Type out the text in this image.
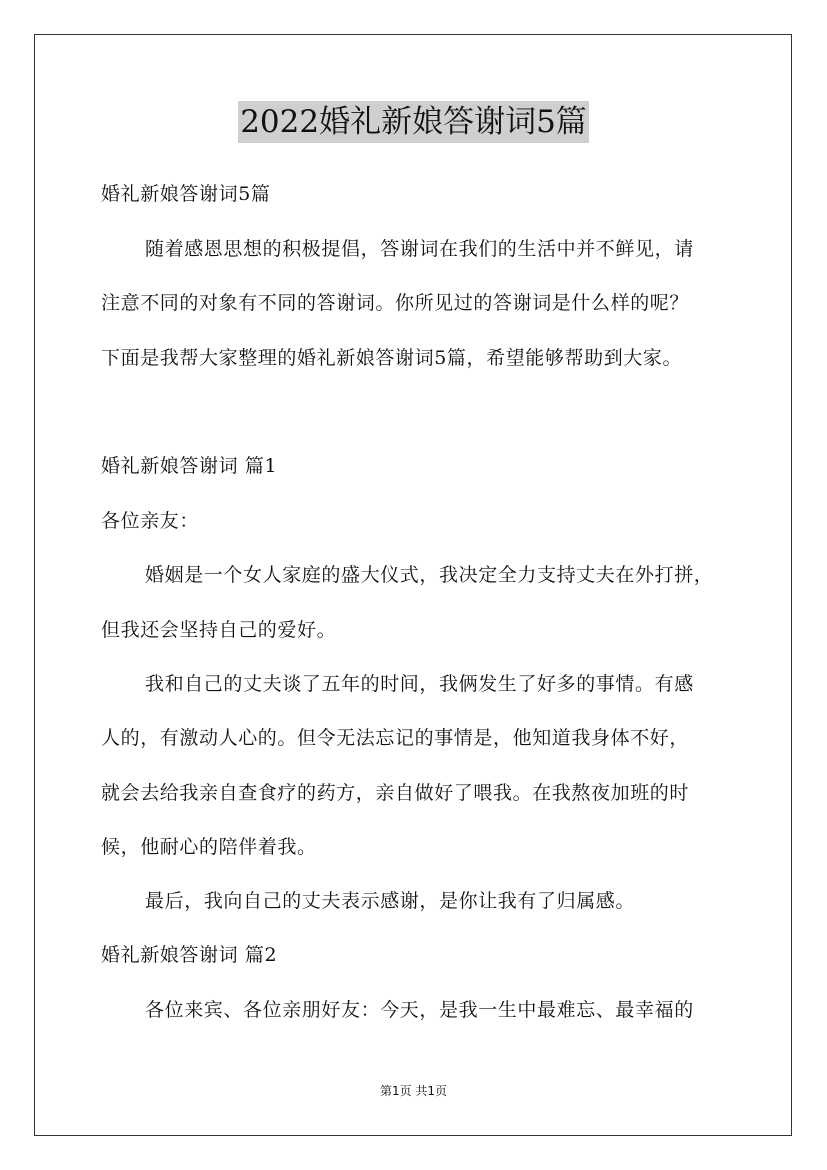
2022婚礼新娘答谢词5篇
婚礼新娘答谢词5篇
随着感恩思想的积极提倡，答谢词在我们的生活中并不鲜见，请
注意不同的对象有不同的答谢词。你所见过的答谢词是什么样的呢？
下面是我帮大家整理的婚礼新娘答谢词5篇，希望能够帮助到大家。
婚礼新娘答谢词 篇1
各位亲友：
婚姻是一个女人家庭的盛大仪式，我决定全力支持丈夫在外打拼，
但我还会坚持自己的爱好。
我和自己的丈夫谈了五年的时间，我俩发生了好多的事情。有感
人的，有激动人心的。但令无法忘记的事情是，他知道我身体不好，
就会去给我亲自查食疗的药方，亲自做好了喂我。在我熬夜加班的时
候，他耐心的陪伴着我。
最后，我向自己的丈夫表示感谢，是你让我有了归属感。
婚礼新娘答谢词 篇2
各位来宾、各位亲朋好友：今天，是我一生中最难忘、最幸福的
第1页 共1页
